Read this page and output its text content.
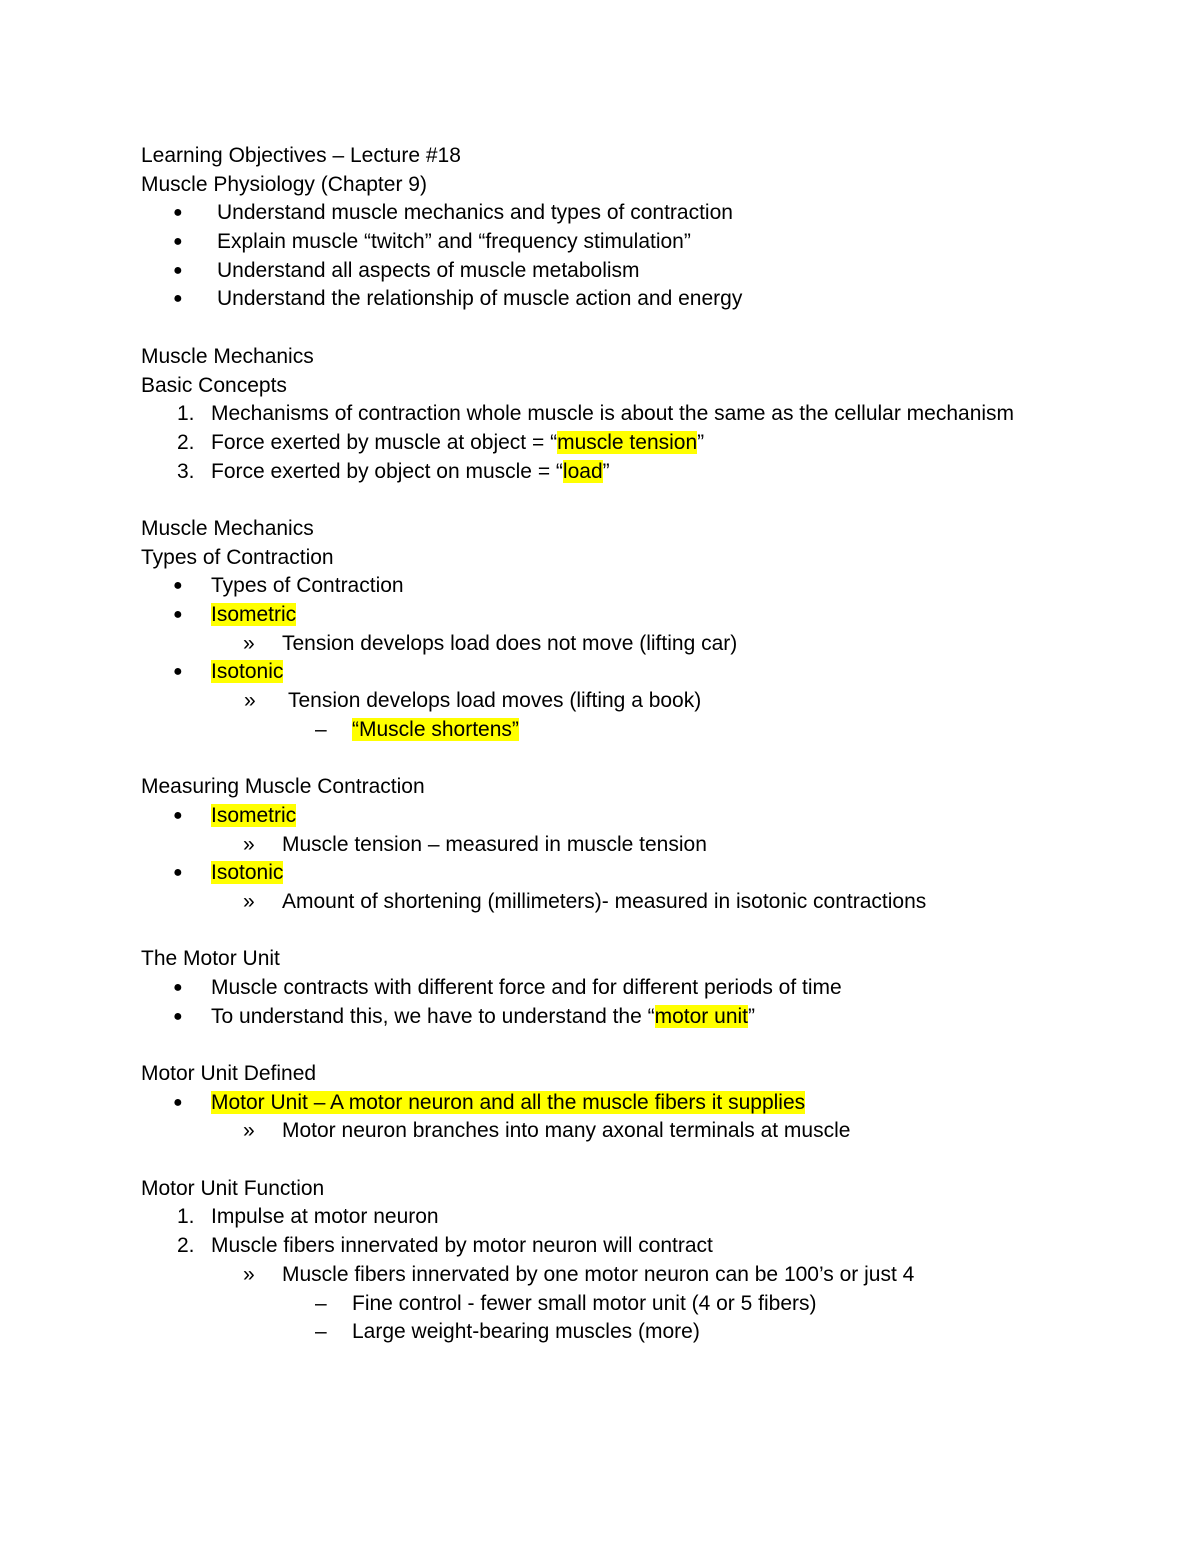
Learning Objectives – Lecture #18
Muscle Physiology (Chapter 9)
● Understand muscle mechanics and types of contraction
● Explain muscle “twitch” and “frequency stimulation”
● Understand all aspects of muscle metabolism
● Understand the relationship of muscle action and energy
Muscle Mechanics
Basic Concepts
1. Mechanisms of contraction whole muscle is about the same as the cellular mechanism
2. Force exerted by muscle at object = “muscle tension”
3. Force exerted by object on muscle = “load”
Muscle Mechanics
Types of Contraction
● Types of Contraction
● Isometric
» Tension develops load does not move (lifting car)
● Isotonic
» Tension develops load moves (lifting a book)
– “Muscle shortens”
Measuring Muscle Contraction
● Isometric
» Muscle tension – measured in muscle tension
● Isotonic
» Amount of shortening (millimeters)- measured in isotonic contractions
The Motor Unit
● Muscle contracts with different force and for different periods of time
● To understand this, we have to understand the “motor unit”
Motor Unit Defined
● Motor Unit – A motor neuron and all the muscle fibers it supplies
» Motor neuron branches into many axonal terminals at muscle
Motor Unit Function
1. Impulse at motor neuron
2. Muscle fibers innervated by motor neuron will contract
» Muscle fibers innervated by one motor neuron can be 100’s or just 4
– Fine control - fewer small motor unit (4 or 5 fibers)
– Large weight-bearing muscles (more)
